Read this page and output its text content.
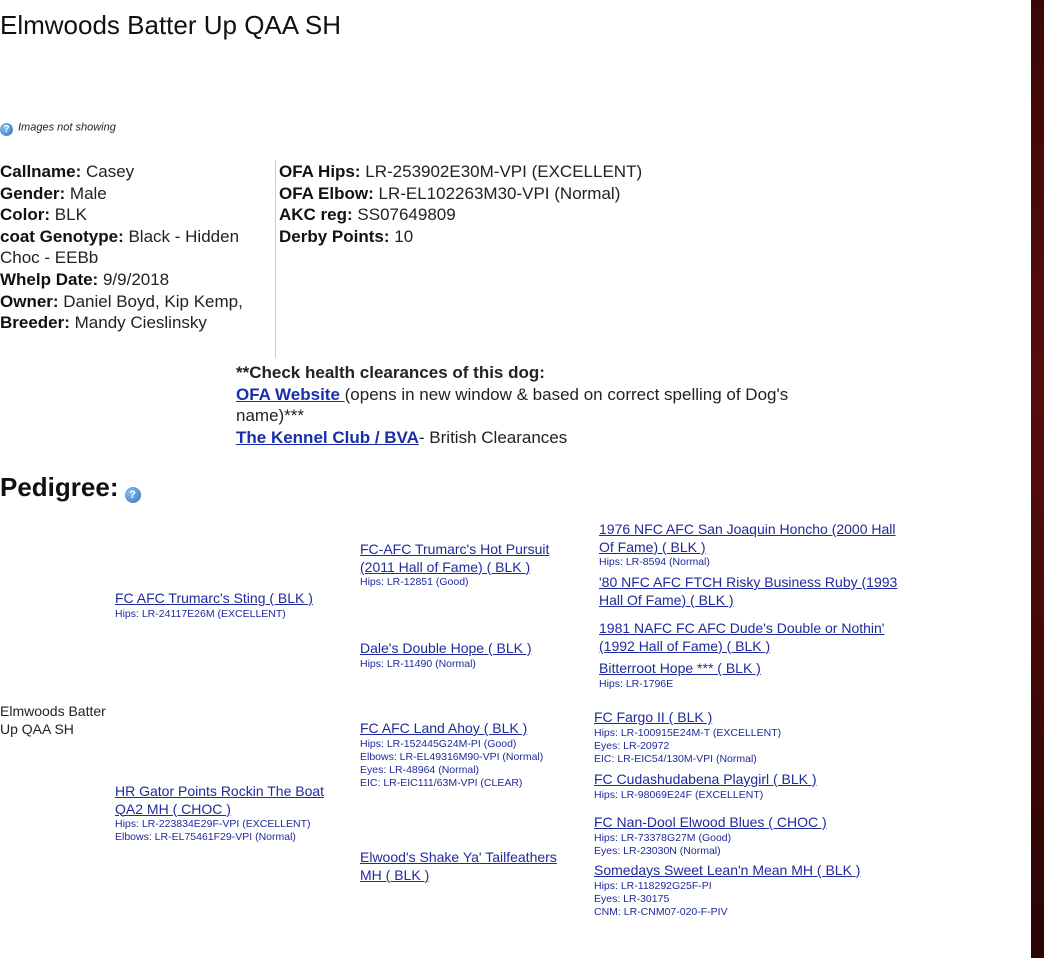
Elmwoods Batter Up QAA SH
? Images not showing
Callname: Casey
Gender: Male
Color: BLK
coat Genotype: Black - Hidden Choc - EEBb
Whelp Date: 9/9/2018
Owner: Daniel Boyd, Kip Kemp,
Breeder: Mandy Cieslinsky
OFA Hips: LR-253902E30M-VPI (EXCELLENT)
OFA Elbow: LR-EL102263M30-VPI (Normal)
AKC reg: SS07649809
Derby Points: 10
**Check health clearances of this dog:
OFA Website (opens in new window & based on correct spelling of Dog's name)***
The Kennel Club / BVA- British Clearances
Pedigree: ?
Elmwoods Batter Up QAA SH
FC AFC Trumarc's Sting ( BLK )
Hips: LR-24117E26M (EXCELLENT)
HR Gator Points Rockin The Boat QA2 MH ( CHOC )
Hips: LR-223834E29F-VPI (EXCELLENT)
Elbows: LR-EL75461F29-VPI (Normal)
FC-AFC Trumarc's Hot Pursuit (2011 Hall of Fame) ( BLK )
Hips: LR-12851 (Good)
Dale's Double Hope ( BLK )
Hips: LR-11490 (Normal)
FC AFC Land Ahoy ( BLK )
Hips: LR-152445G24M-PI (Good)
Elbows: LR-EL49316M90-VPI (Normal)
Eyes: LR-48964 (Normal)
EIC: LR-EIC111/63M-VPI (CLEAR)
Elwood's Shake Ya' Tailfeathers MH ( BLK )
1976 NFC AFC San Joaquin Honcho (2000 Hall Of Fame) ( BLK )
Hips: LR-8594 (Normal)
'80 NFC AFC FTCH Risky Business Ruby (1993 Hall Of Fame) ( BLK )
1981 NAFC FC AFC Dude's Double or Nothin' (1992 Hall of Fame) ( BLK )
Bitterroot Hope *** ( BLK )
Hips: LR-1796E
FC Fargo II ( BLK )
Hips: LR-100915E24M-T (EXCELLENT)
Eyes: LR-20972
EIC: LR-EIC54/130M-VPI (Normal)
FC Cudashudabena Playgirl ( BLK )
Hips: LR-98069E24F (EXCELLENT)
FC Nan-Dool Elwood Blues ( CHOC )
Hips: LR-73378G27M (Good)
Eyes: LR-23030N (Normal)
Somedays Sweet Lean'n Mean MH ( BLK )
Hips: LR-118292G25F-PI
Eyes: LR-30175
CNM: LR-CNM07-020-F-PIV
